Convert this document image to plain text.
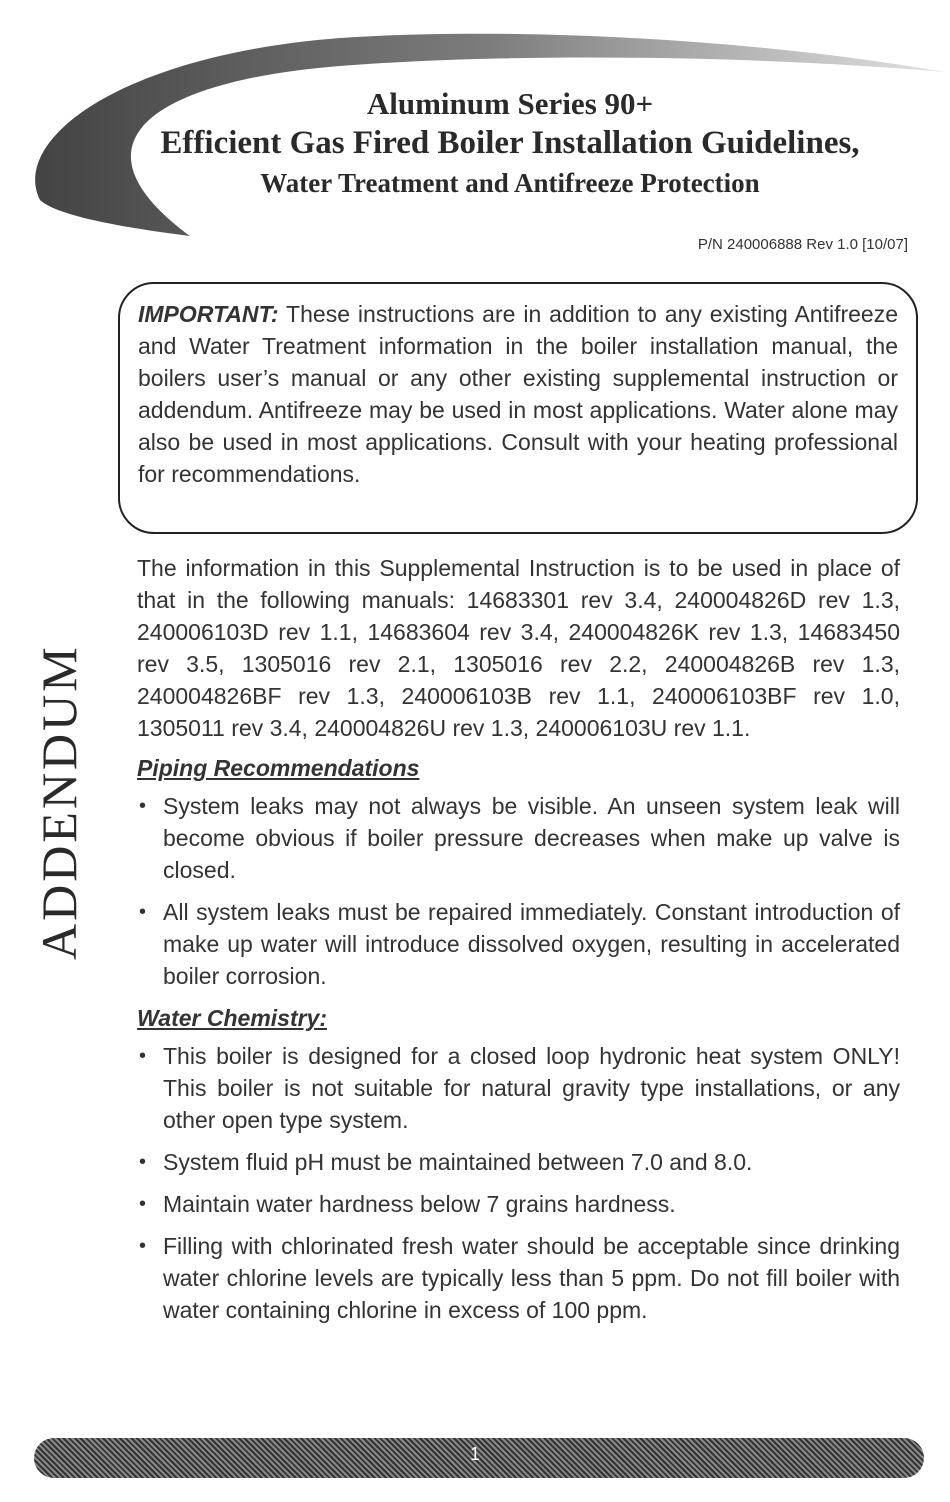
Aluminum Series 90+
Efficient Gas Fired Boiler Installation Guidelines,
Water Treatment and Antifreeze Protection
P/N 240006888 Rev 1.0 [10/07]
IMPORTANT: These instructions are in addition to any existing Antifreeze and Water Treatment information in the boiler installation manual, the boilers user’s manual or any other existing supplemental instruction or addendum. Antifreeze may be used in most applications. Water alone may also be used in most applications. Consult with your heating professional for recommendations.
ADDENDUM

The information in this Supplemental Instruction is to be used in place of that in the following manuals: 14683301 rev 3.4, 240004826D rev 1.3, 240006103D rev 1.1, 14683604 rev 3.4, 240004826K rev 1.3, 14683450 rev 3.5, 1305016 rev 2.1, 1305016 rev 2.2, 240004826B rev 1.3, 240004826BF rev 1.3, 240006103B rev 1.1, 240006103BF rev 1.0, 1305011 rev 3.4, 240004826U rev 1.3, 240006103U rev 1.1.

Piping Recommendations
• System leaks may not always be visible. An unseen system leak will become obvious if boiler pressure decreases when make up valve is closed.
• All system leaks must be repaired immediately. Constant introduction of make up water will introduce dissolved oxygen, resulting in accelerated boiler corrosion.
Water Chemistry:
• This boiler is designed for a closed loop hydronic heat system ONLY! This boiler is not suitable for natural gravity type installations, or any other open type system.
• System fluid pH must be maintained between 7.0 and 8.0.
• Maintain water hardness below 7 grains hardness.
• Filling with chlorinated fresh water should be acceptable since drinking water chlorine levels are typically less than 5 ppm. Do not fill boiler with water containing chlorine in excess of 100 ppm.
1
